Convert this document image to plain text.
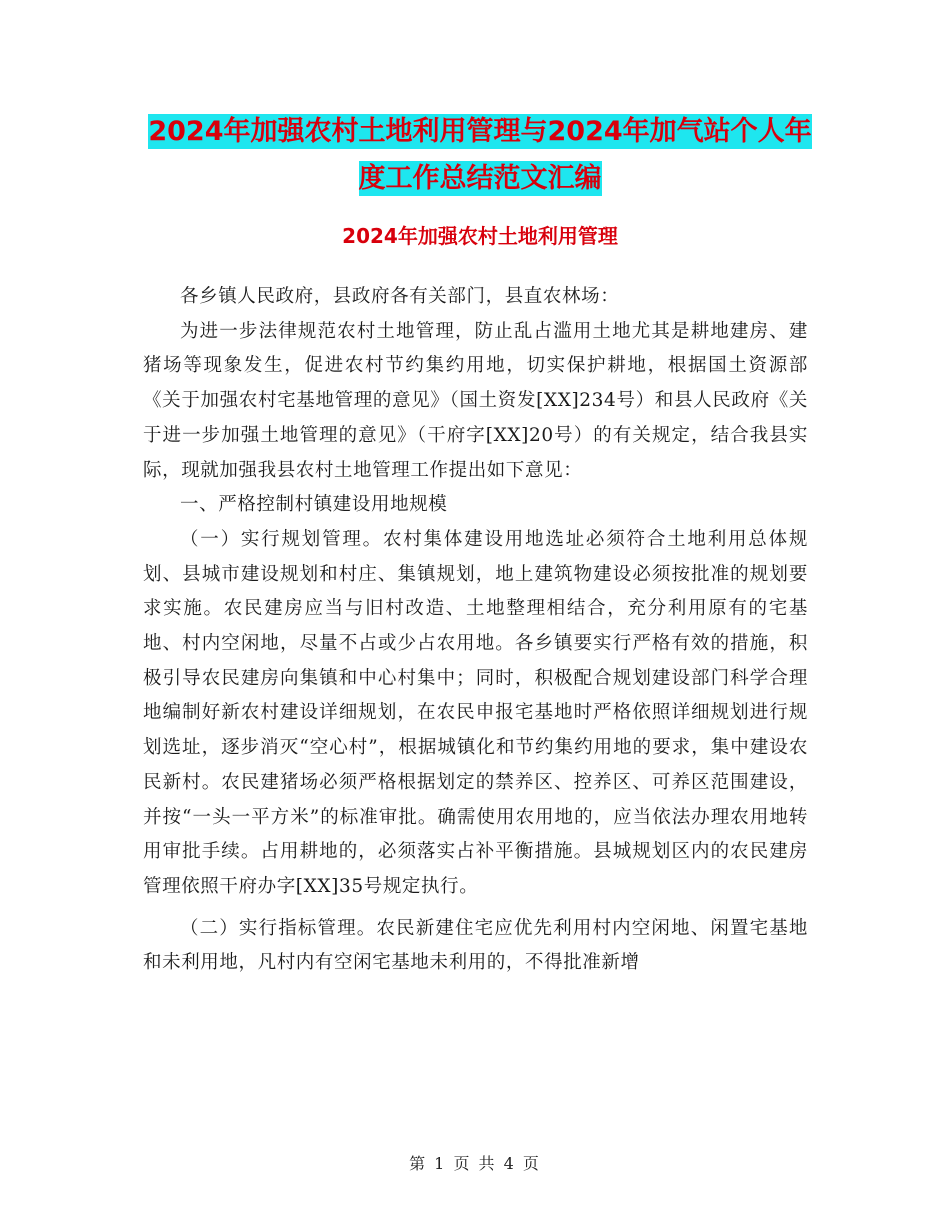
2024年加强农村土地利用管理与2024年加气站个人年
度工作总结范文汇编
2024年加强农村土地利用管理

各乡镇人民政府，县政府各有关部门，县直农林场：

为进一步法律规范农村土地管理，防止乱占滥用土地尤其是耕地建房、建猪场等现象发生，促进农村节约集约用地，切实保护耕地，根据国土资源部《关于加强农村宅基地管理的意见》（国土资发[XX]234号）和县人民政府《关于进一步加强土地管理的意见》（干府字[XX]20号）的有关规定，结合我县实际，现就加强我县农村土地管理工作提出如下意见：

一、严格控制村镇建设用地规模

（一）实行规划管理。农村集体建设用地选址必须符合土地利用总体规划、县城市建设规划和村庄、集镇规划，地上建筑物建设必须按批准的规划要求实施。农民建房应当与旧村改造、土地整理相结合，充分利用原有的宅基地、村内空闲地，尽量不占或少占农用地。各乡镇要实行严格有效的措施，积极引导农民建房向集镇和中心村集中；同时，积极配合规划建设部门科学合理地编制好新农村建设详细规划，在农民申报宅基地时严格依照详细规划进行规划选址，逐步消灭“空心村”，根据城镇化和节约集约用地的要求，集中建设农民新村。农民建猪场必须严格根据划定的禁养区、控养区、可养区范围建设，并按“一头一平方米”的标准审批。确需使用农用地的，应当依法办理农用地转用审批手续。占用耕地的，必须落实占补平衡措施。县城规划区内的农民建房管理依照干府办字[XX]35号规定执行。

（二）实行指标管理。农民新建住宅应优先利用村内空闲地、闲置宅基地和未利用地，凡村内有空闲宅基地未利用的，不得批准新增

第 1 页 共 4 页
